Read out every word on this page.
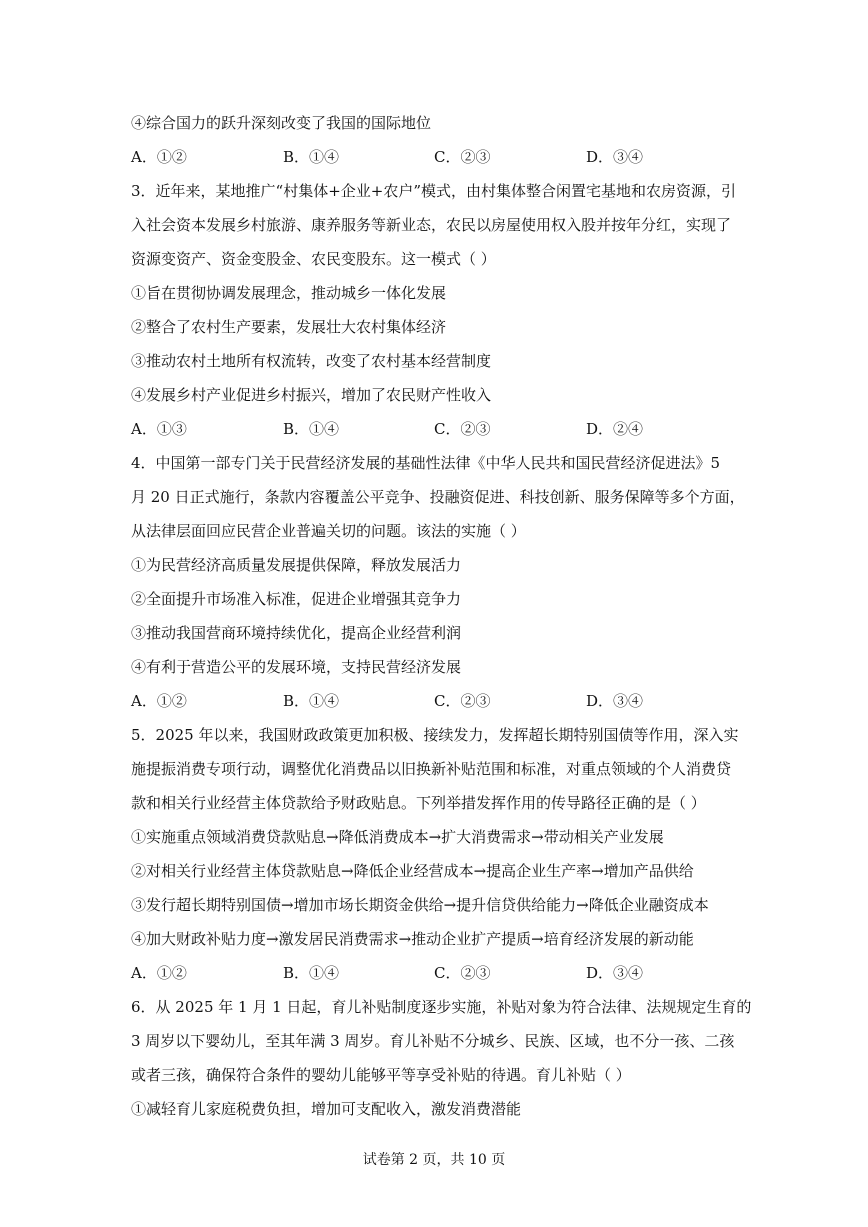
④综合国力的跃升深刻改变了我国的国际地位
A．①②	B．①④	C．②③	D．③④
3．近年来，某地推广“村集体+企业+农户”模式，由村集体整合闲置宅基地和农房资源，引
入社会资本发展乡村旅游、康养服务等新业态，农民以房屋使用权入股并按年分红，实现了
资源变资产、资金变股金、农民变股东。这一模式（ ）
①旨在贯彻协调发展理念，推动城乡一体化发展
②整合了农村生产要素，发展壮大农村集体经济
③推动农村土地所有权流转，改变了农村基本经营制度
④发展乡村产业促进乡村振兴，增加了农民财产性收入
A．①③	B．①④	C．②③	D．②④
4．中国第一部专门关于民营经济发展的基础性法律《中华人民共和国民营经济促进法》5
月 20 日正式施行，条款内容覆盖公平竞争、投融资促进、科技创新、服务保障等多个方面，
从法律层面回应民营企业普遍关切的问题。该法的实施（ ）
①为民营经济高质量发展提供保障，释放发展活力
②全面提升市场准入标准，促进企业增强其竞争力
③推动我国营商环境持续优化，提高企业经营利润
④有利于营造公平的发展环境，支持民营经济发展
A．①②	B．①④	C．②③	D．③④
5．2025 年以来，我国财政政策更加积极、接续发力，发挥超长期特别国债等作用，深入实
施提振消费专项行动，调整优化消费品以旧换新补贴范围和标准，对重点领域的个人消费贷
款和相关行业经营主体贷款给予财政贴息。下列举措发挥作用的传导路径正确的是（ ）
①实施重点领域消费贷款贴息→降低消费成本→扩大消费需求→带动相关产业发展
②对相关行业经营主体贷款贴息→降低企业经营成本→提高企业生产率→增加产品供给
③发行超长期特别国债→增加市场长期资金供给→提升信贷供给能力→降低企业融资成本
④加大财政补贴力度→激发居民消费需求→推动企业扩产提质→培育经济发展的新动能
A．①②	B．①④	C．②③	D．③④
6．从 2025 年 1 月 1 日起，育儿补贴制度逐步实施，补贴对象为符合法律、法规规定生育的
3 周岁以下婴幼儿，至其年满 3 周岁。育儿补贴不分城乡、民族、区域，也不分一孩、二孩
或者三孩，确保符合条件的婴幼儿能够平等享受补贴的待遇。育儿补贴（ ）
①减轻育儿家庭税费负担，增加可支配收入，激发消费潜能
试卷第 2 页，共 10 页
